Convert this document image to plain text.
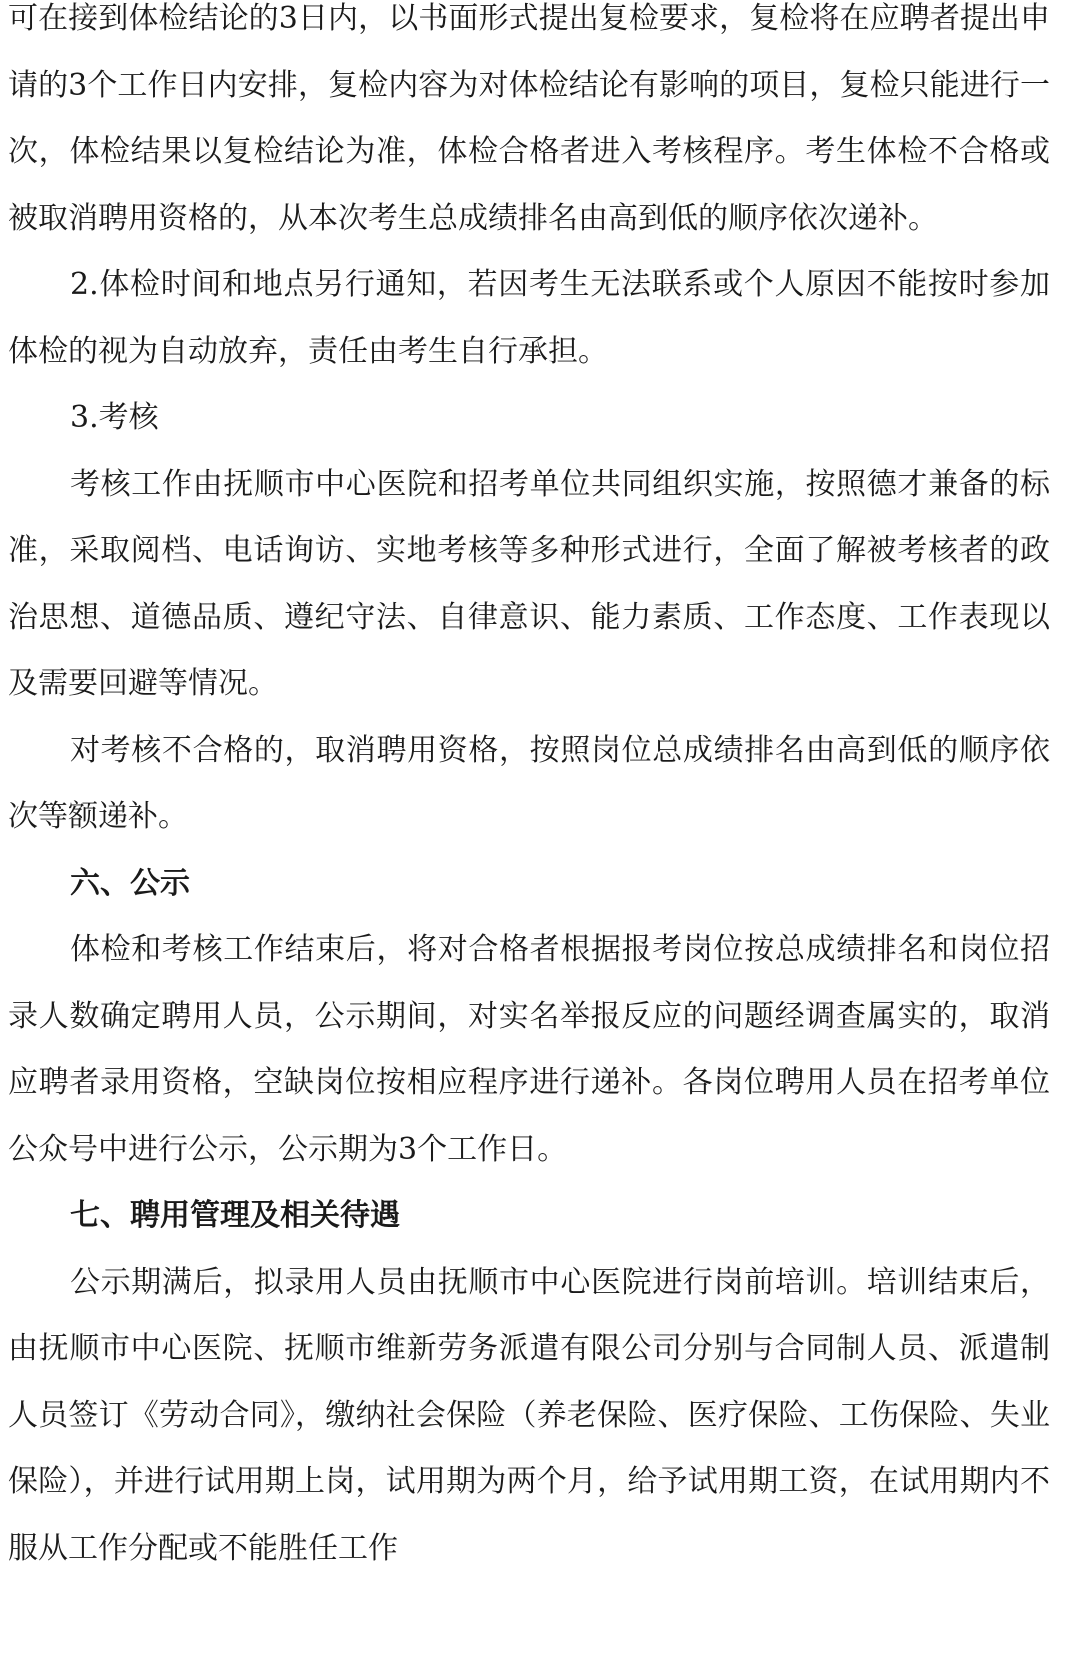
可在接到体检结论的3日内，以书面形式提出复检要求，复检将在应聘者提出申请的3个工作日内安排，复检内容为对体检结论有影响的项目，复检只能进行一次，体检结果以复检结论为准，体检合格者进入考核程序。考生体检不合格或被取消聘用资格的，从本次考生总成绩排名由高到低的顺序依次递补。

2.体检时间和地点另行通知，若因考生无法联系或个人原因不能按时参加体检的视为自动放弃，责任由考生自行承担。

3.考核

考核工作由抚顺市中心医院和招考单位共同组织实施，按照德才兼备的标准，采取阅档、电话询访、实地考核等多种形式进行，全面了解被考核者的政治思想、道德品质、遵纪守法、自律意识、能力素质、工作态度、工作表现以及需要回避等情况。

对考核不合格的，取消聘用资格，按照岗位总成绩排名由高到低的顺序依次等额递补。

六、公示

体检和考核工作结束后，将对合格者根据报考岗位按总成绩排名和岗位招录人数确定聘用人员，公示期间，对实名举报反应的问题经调查属实的，取消应聘者录用资格，空缺岗位按相应程序进行递补。各岗位聘用人员在招考单位公众号中进行公示，公示期为3个工作日。

七、聘用管理及相关待遇

公示期满后，拟录用人员由抚顺市中心医院进行岗前培训。培训结束后，由抚顺市中心医院、抚顺市维新劳务派遣有限公司分别与合同制人员、派遣制人员签订《劳动合同》，缴纳社会保险（养老保险、医疗保险、工伤保险、失业保险），并进行试用期上岗，试用期为两个月，给予试用期工资，在试用期内不服从工作分配或不能胜任工作
